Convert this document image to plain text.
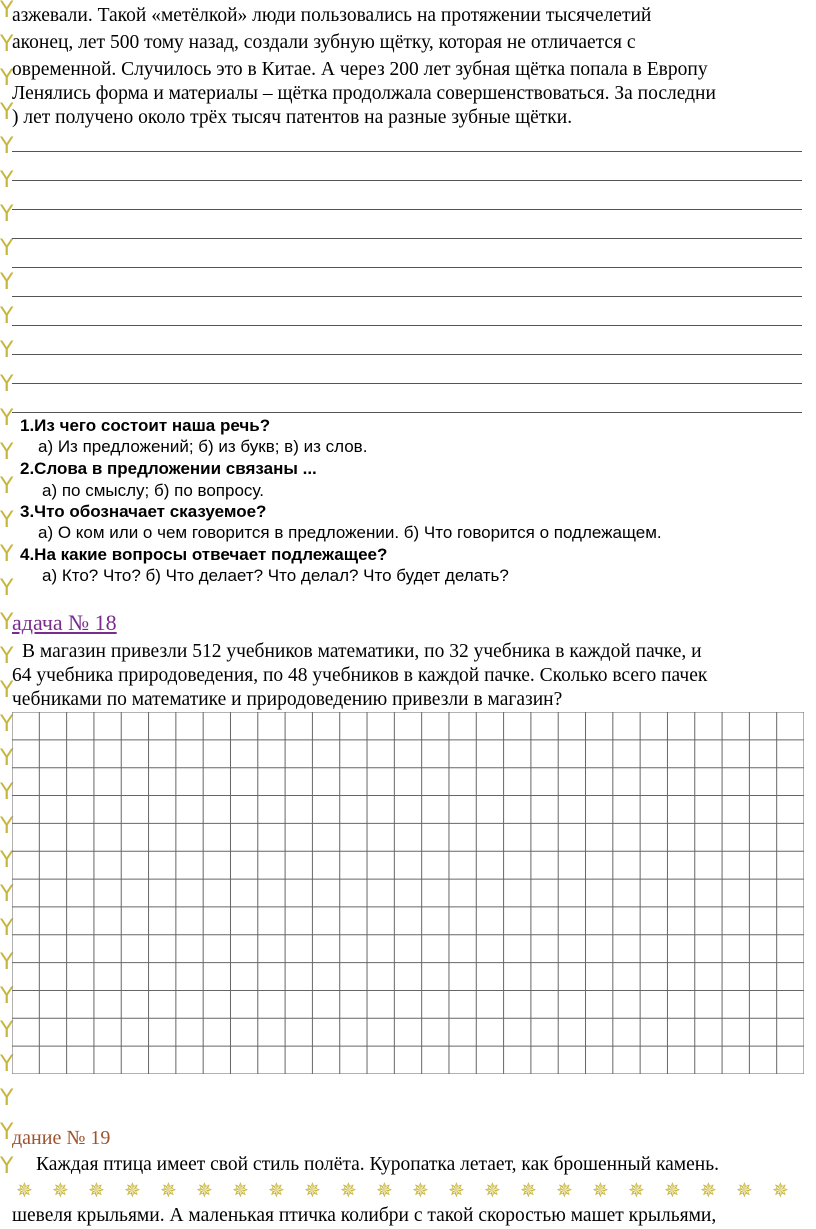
Y
Y
Y
Y
Y
Y
Y
Y
Y
Y
Y
Y
Y
Y
Y
Y
Y
Y
Y
Y
Y
Y
Y
Y
Y
Y
Y
Y
Y
Y
Y
Y
Y
Y
Y
азжевали. Такой «метёлкой» люди пользовались на протяжении тысячелетий
аконец, лет 500 тому назад, создали зубную щётку, которая не отличается с
овременной. Случилось это в Китае. А через 200 лет зубная щётка попала в Европу
Ленялись форма и материалы – щётка продолжала совершенствоваться. За последни
) лет получено около трёх тысяч патентов на разные зубные щётки.
1.Из чего состоит наша речь?
а) Из предложений; б) из букв; в) из слов.
2.Слова в предложении связаны ...
а) по смыслу; б) по вопросу.
3.Что обозначает сказуемое?
а) О ком или о чем говорится в предложении. б) Что говорится о подлежащем.
4.На какие вопросы отвечает подлежащее?
а) Кто? Что? б) Что делает? Что делал? Что будет делать?
адача № 18
В магазин привезли 512 учебников математики, по 32 учебника в каждой пачке, и
64 учебника природоведения, по 48 учебников в каждой пачке. Сколько всего пачек
чебниками по математике и природоведению привезли в магазин?
дание № 19
Каждая птица имеет свой стиль полёта. Куропатка летает, как брошенный камень.
✵ ✵ ✵ ✵ ✵ ✵ ✵ ✵ ✵ ✵ ✵ ✵ ✵ ✵ ✵ ✵ ✵ ✵ ✵ ✵ ✵ ✵
шевеля крыльями. А маленькая птичка колибри с такой скоростью машет крыльями,
